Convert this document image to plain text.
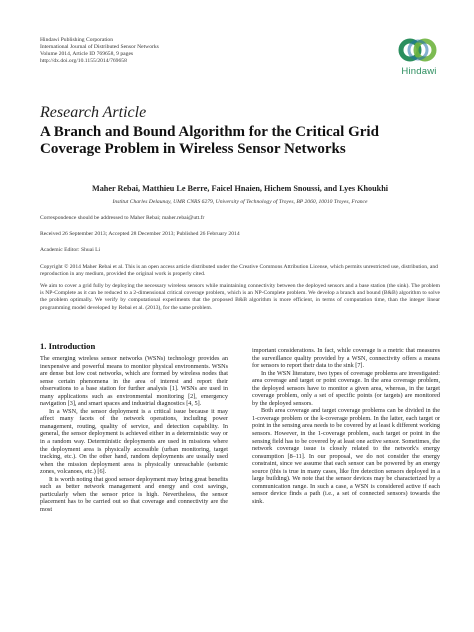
Hindawi Publishing Corporation
International Journal of Distributed Sensor Networks
Volume 2014, Article ID 769658, 9 pages
http://dx.doi.org/10.1155/2014/769658
Hindawi
Research Article
A Branch and Bound Algorithm for the Critical Grid Coverage Problem in Wireless Sensor Networks
Maher Rebai, Matthieu Le Berre, Faicel Hnaien, Hichem Snoussi, and Lyes Khoukhi
Institut Charles Delaunay, UMR CNRS 6279, University of Technology of Troyes, BP 2060, 10010 Troyes, France
Correspondence should be addressed to Maher Rebai; maher.rebai@utt.fr
Received 26 September 2013; Accepted 28 December 2013; Published 26 February 2014
Academic Editor: Shuai Li
Copyright © 2014 Maher Rebai et al. This is an open access article distributed under the Creative Commons Attribution License, which permits unrestricted use, distribution, and reproduction in any medium, provided the original work is properly cited.
We aim to cover a grid fully by deploying the necessary wireless sensors while maintaining connectivity between the deployed sensors and a base station (the sink). The problem is NP-Complete as it can be reduced to a 2-dimensional critical coverage problem, which is an NP-Complete problem. We develop a branch and bound (B&B) algorithm to solve the problem optimally. We verify by computational experiments that the proposed B&B algorithm is more efficient, in terms of computation time, than the integer linear programming model developed by Rebai et al. (2013), for the same problem.
1. Introduction

The emerging wireless sensor networks (WSNs) technology provides an inexpensive and powerful means to monitor physical environments. WSNs are dense but low cost networks, which are formed by wireless nodes that sense certain phenomena in the area of interest and report their observations to a base station for further analysis [1]. WSNs are used in many applications such as environmental monitoring [2], emergency navigation [3], and smart spaces and industrial diagnostics [4, 5].

In a WSN, the sensor deployment is a critical issue because it may affect many facets of the network operations, including power management, routing, quality of service, and detection capability. In general, the sensor deployment is achieved either in a deterministic way or in a random way. Deterministic deployments are used in missions where the deployment area is physically accessible (urban monitoring, target tracking, etc.). On the other hand, random deployments are usually used when the mission deployment area is physically unreachable (seismic zones, volcanoes, etc.) [6].

It is worth noting that good sensor deployment may bring great benefits such as better network management and energy and cost savings, particularly when the sensor price is high. Nevertheless, the sensor placement has to be carried out so that coverage and connectivity are the most

important considerations. In fact, while coverage is a metric that measures the surveillance quality provided by a WSN, connectivity offers a means for sensors to report their data to the sink [7].

In the WSN literature, two types of coverage problems are investigated: area coverage and target or point coverage. In the area coverage problem, the deployed sensors have to monitor a given area, whereas, in the target coverage problem, only a set of specific points (or targets) are monitored by the deployed sensors.

Both area coverage and target coverage problems can be divided in the 1-coverage problem or the k-coverage problem. In the latter, each target or point in the sensing area needs to be covered by at least k different working sensors. However, in the 1-coverage problem, each target or point in the sensing field has to be covered by at least one active sensor. Sometimes, the network coverage issue is closely related to the network's energy consumption [8–11]. In our proposal, we do not consider the energy constraint, since we assume that each sensor can be powered by an energy source (this is true in many cases, like fire detection sensors deployed in a large building). We note that the sensor devices may be characterized by a communication range. In such a case, a WSN is considered active if each sensor device finds a path (i.e., a set of connected sensors) towards the sink.
